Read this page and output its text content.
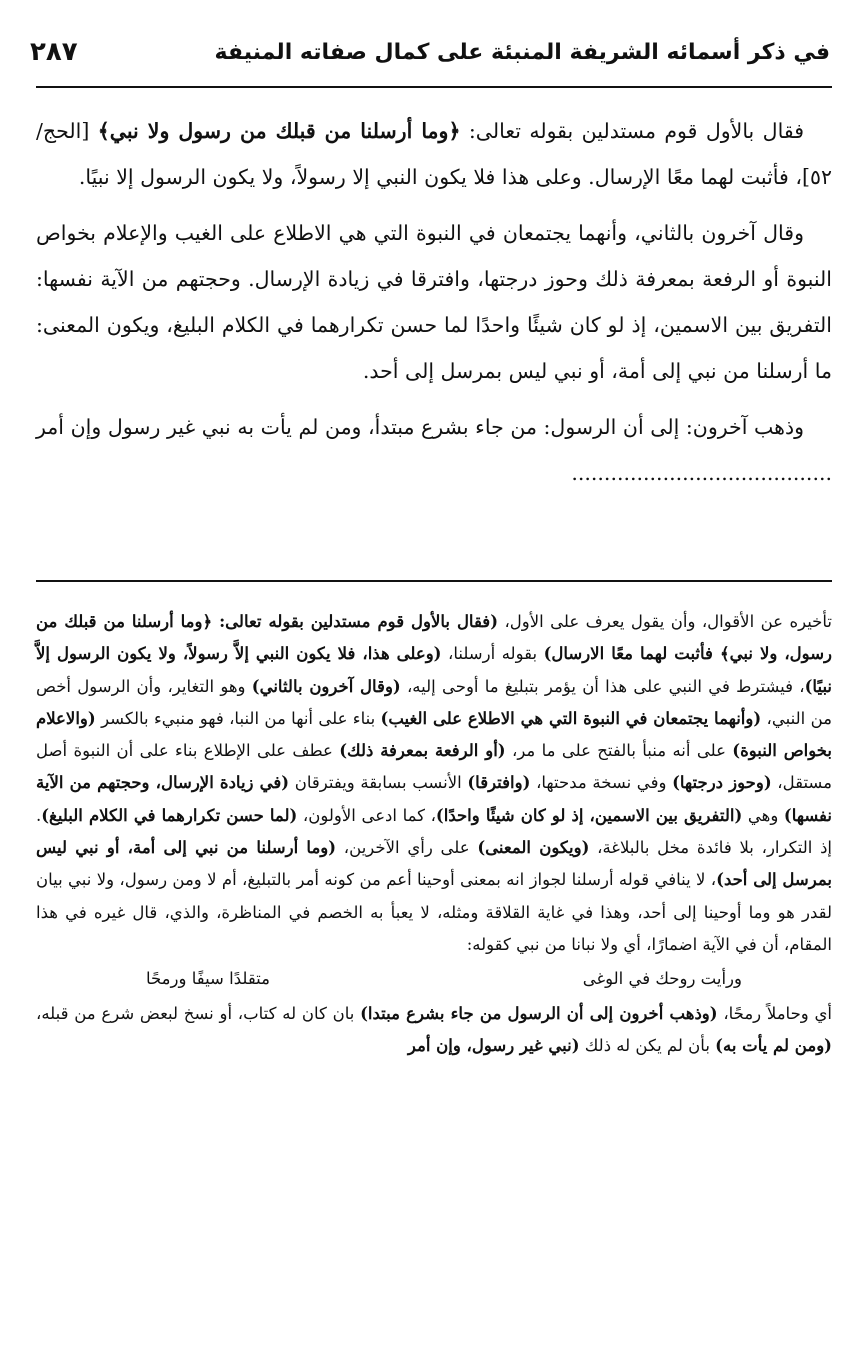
في ذكر أسمائه الشريفة المنبئة على كمال صفاته المنيفة
٢٨٧

فقال بالأول قوم مستدلين بقوله تعالى: ﴿وما أرسلنا من قبلك من رسول ولا نبي﴾ [الحج/ ٥٢]، فأثبت لهما معًا الإرسال. وعلى هذا فلا يكون النبي إلا رسولاً، ولا يكون الرسول إلا نبيًا.

وقال آخرون بالثاني، وأنهما يجتمعان في النبوة التي هي الاطلاع على الغيب والإعلام بخواص النبوة أو الرفعة بمعرفة ذلك وحوز درجتها، وافترقا في زيادة الإرسال. وحجتهم من الآية نفسها: التفريق بين الاسمين، إذ لو كان شيئًا واحدًا لما حسن تكرارهما في الكلام البليغ، ويكون المعنى: ما أرسلنا من نبي إلى أمة، أو نبي ليس بمرسل إلى أحد.

وذهب آخرون: إلى أن الرسول: من جاء بشرع مبتدأ، ومن لم يأت به نبي غير رسول وإن أمر ........................................

تأخيره عن الأقوال، وأن يقول يعرف على الأول، (فقال بالأول قوم مستدلين بقوله تعالى: ﴿وما أرسلنا من قبلك من رسول، ولا نبي﴾ فأثبت لهما معًا الارسال) بقوله أرسلنا، (وعلى هذا، فلا يكون النبي إلاَّ رسولاً، ولا يكون الرسول إلاَّ نبيًا)، فيشترط في النبي على هذا أن يؤمر بتبليغ ما أوحى إليه، (وقال آخرون بالثاني) وهو التغاير، وأن الرسول أخص من النبي، (وأنهما يجتمعان في النبوة التي هي الاطلاع على الغيب) بناء على أنها من النبا، فهو منبيء بالكسر (والاعلام بخواص النبوة) على أنه منبأ بالفتح على ما مر، (أو الرفعة بمعرفة ذلك) عطف على الإطلاع بناء على أن النبوة أصل مستقل، (وحوز درجتها) وفي نسخة مدحتها، (وافترقا) الأنسب بسابقة ويفترقان (في زيادة الإرسال، وحجتهم من الآية نفسها) وهي (التفريق بين الاسمين، إذ لو كان شيئًا واحدًا)، كما ادعى الأولون، (لما حسن تكرارهما في الكلام البليغ). إذ التكرار، بلا فائدة مخل بالبلاغة، (ويكون المعنى) على رأي الآخرين، (وما أرسلنا من نبي إلى أمة، أو نبي ليس بمرسل إلى أحد)، لا ينافي قوله أرسلنا لجواز انه بمعنى أوحينا أعم من كونه أمر بالتبليغ، أم لا ومن رسول، ولا نبي بيان لقدر هو وما أوحينا إلى أحد، وهذا في غاية القلاقة ومثله، لا يعبأ به الخصم في المناظرة، والذي، قال غيره في هذا المقام، أن في الآية اضمارًا، أي ولا نبانا من نبي كقوله:

ورأيت روحك في الوغى
متقلدًا سيفًا ورمحًا

أي وحاملاً رمحًا، (وذهب أخرون إلى أن الرسول من جاء بشرع مبتدا) بان كان له كتاب، أو نسخ لبعض شرع من قبله، (ومن لم يأت به) بأن لم يكن له ذلك (نبي غير رسول، وإن أمر
